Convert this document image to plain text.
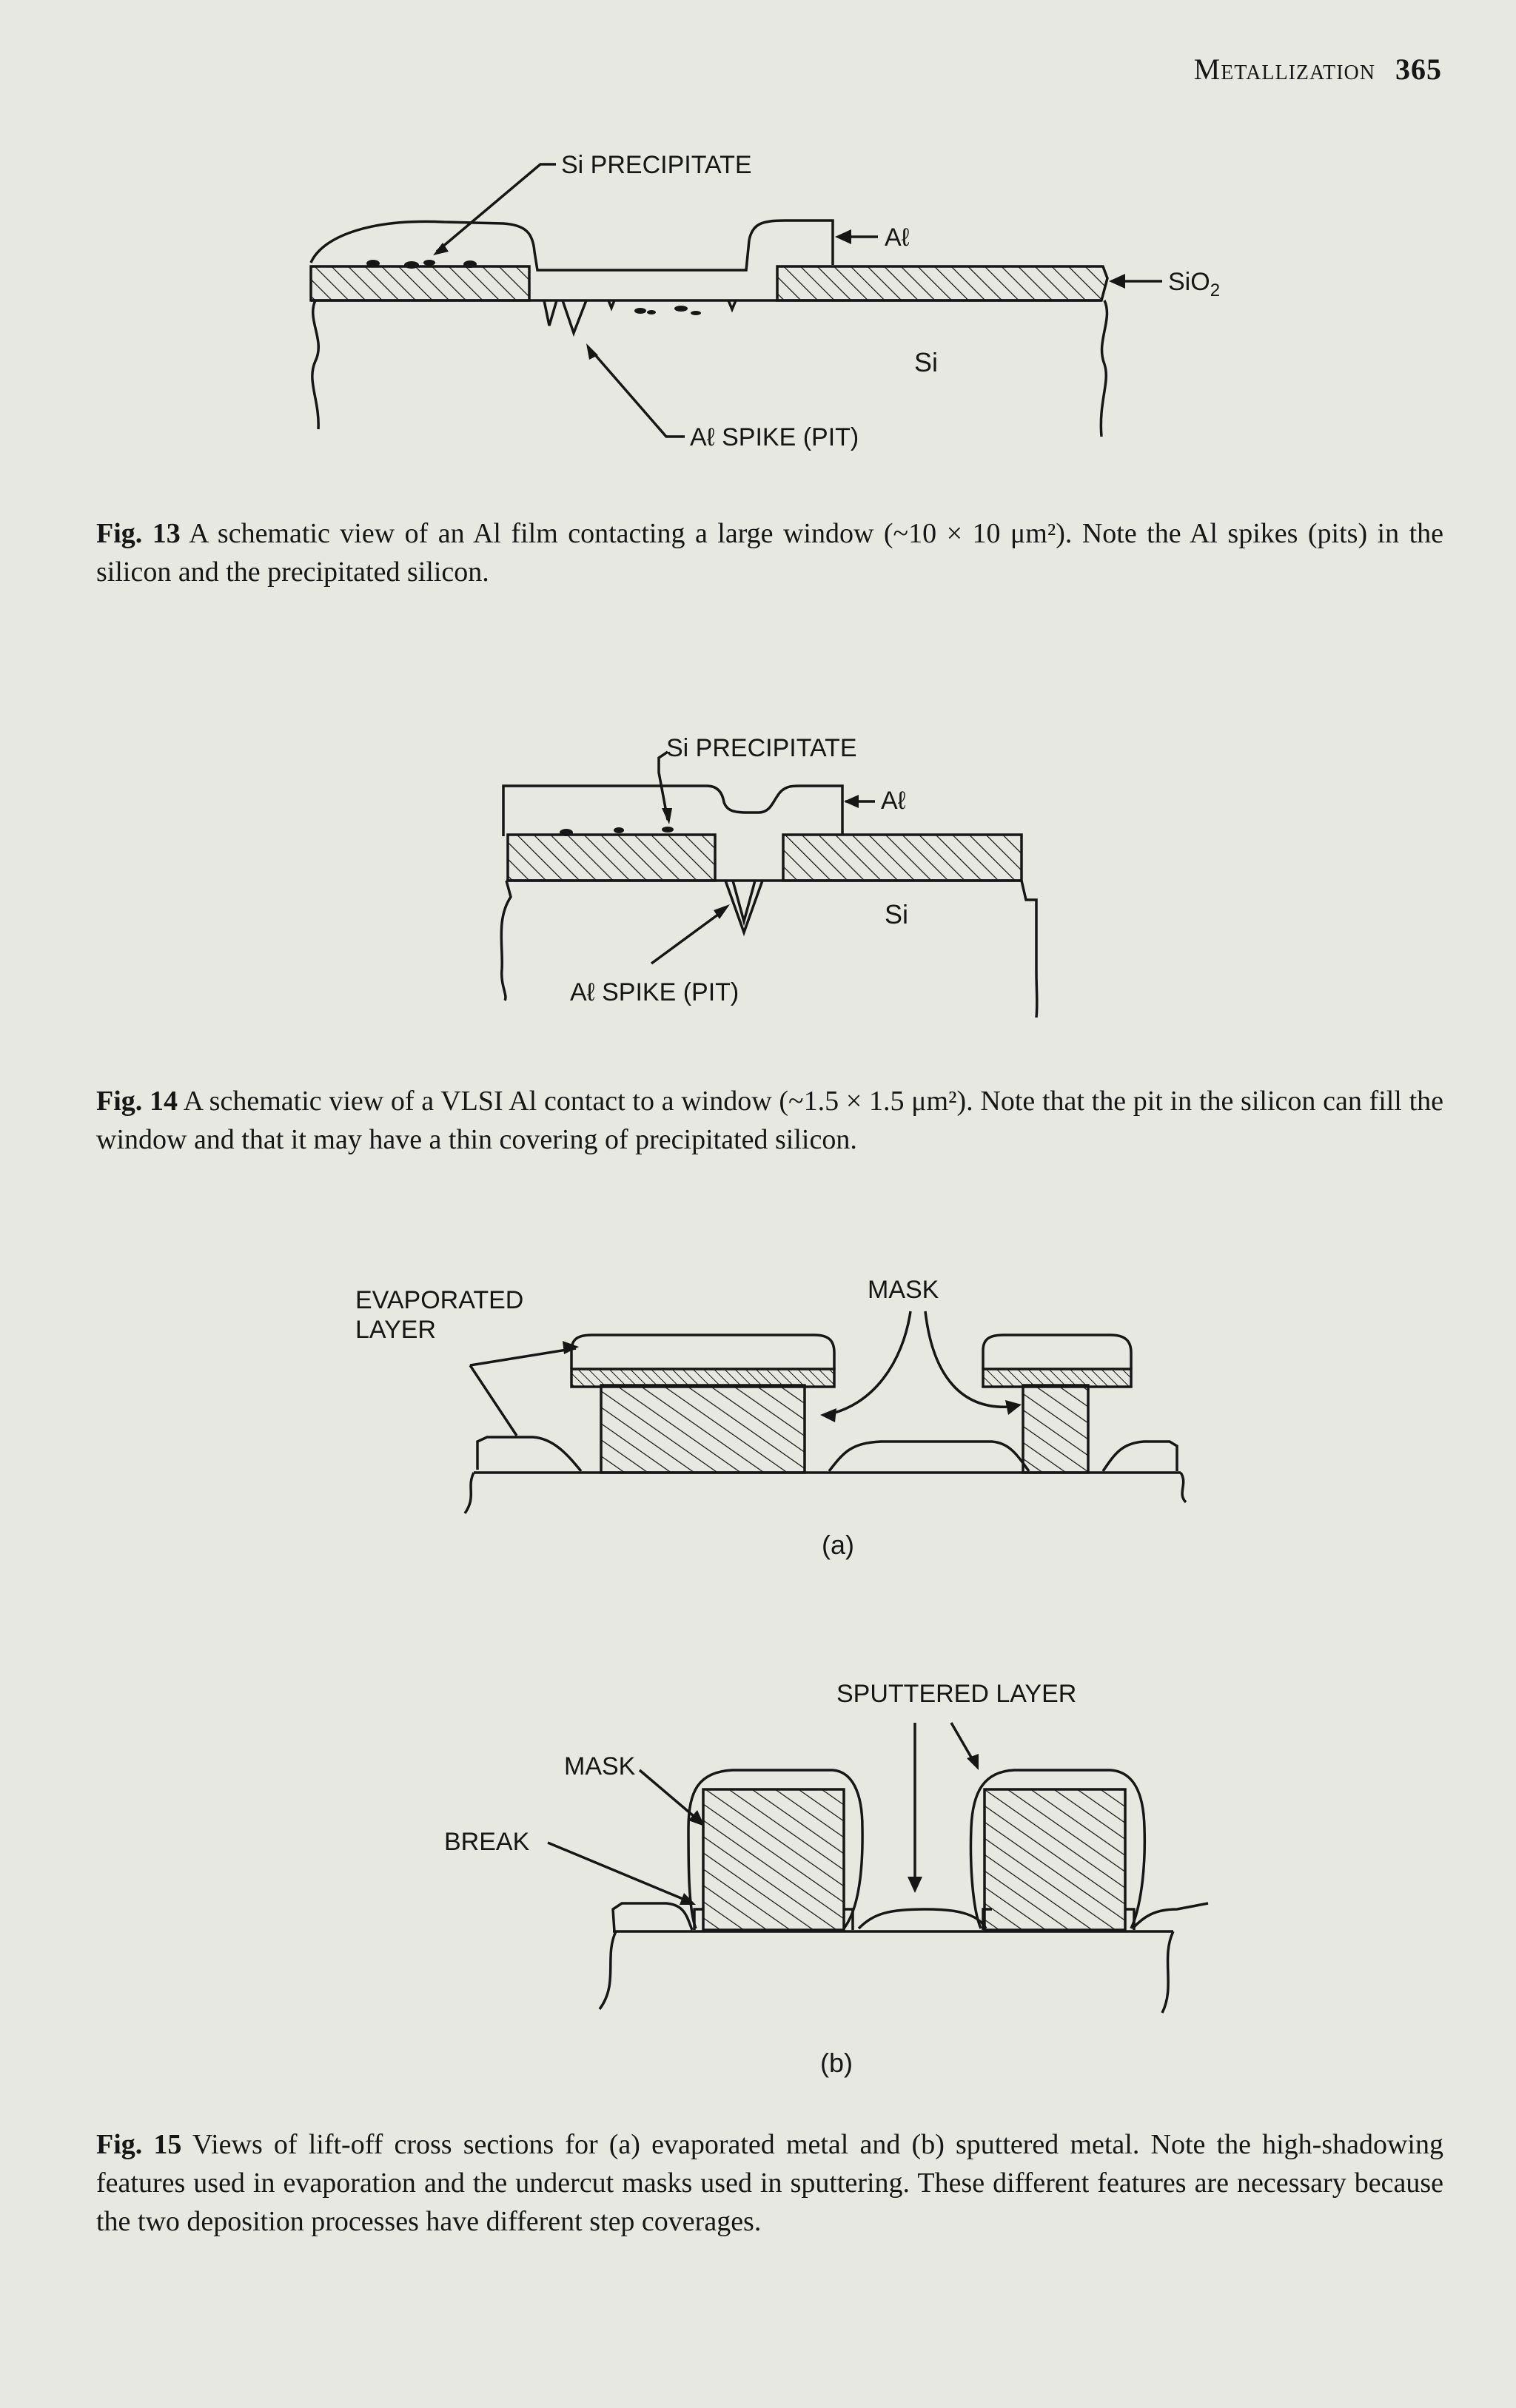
Metallization 365
Si PRECIPITATE
Aℓ
SiO$_2$
Si
Aℓ SPIKE (PIT)
Fig. 13 A schematic view of an Al film contacting a large window (~10 × 10 μm²). Note the Al spikes (pits) in the silicon and the precipitated silicon.
Si PRECIPITATE
Aℓ
Si
Aℓ SPIKE (PIT)
Fig. 14 A schematic view of a VLSI Al contact to a window (~1.5 × 1.5 μm²). Note that the pit in the silicon can fill the window and that it may have a thin covering of precipitated silicon.
EVAPORATED
LAYER
MASK
(a)
SPUTTERED LAYER
MASK
BREAK
(b)
Fig. 15 Views of lift-off cross sections for (a) evaporated metal and (b) sputtered metal. Note the high-shadowing features used in evaporation and the undercut masks used in sputtering. These different features are necessary because the two deposition processes have different step coverages.
